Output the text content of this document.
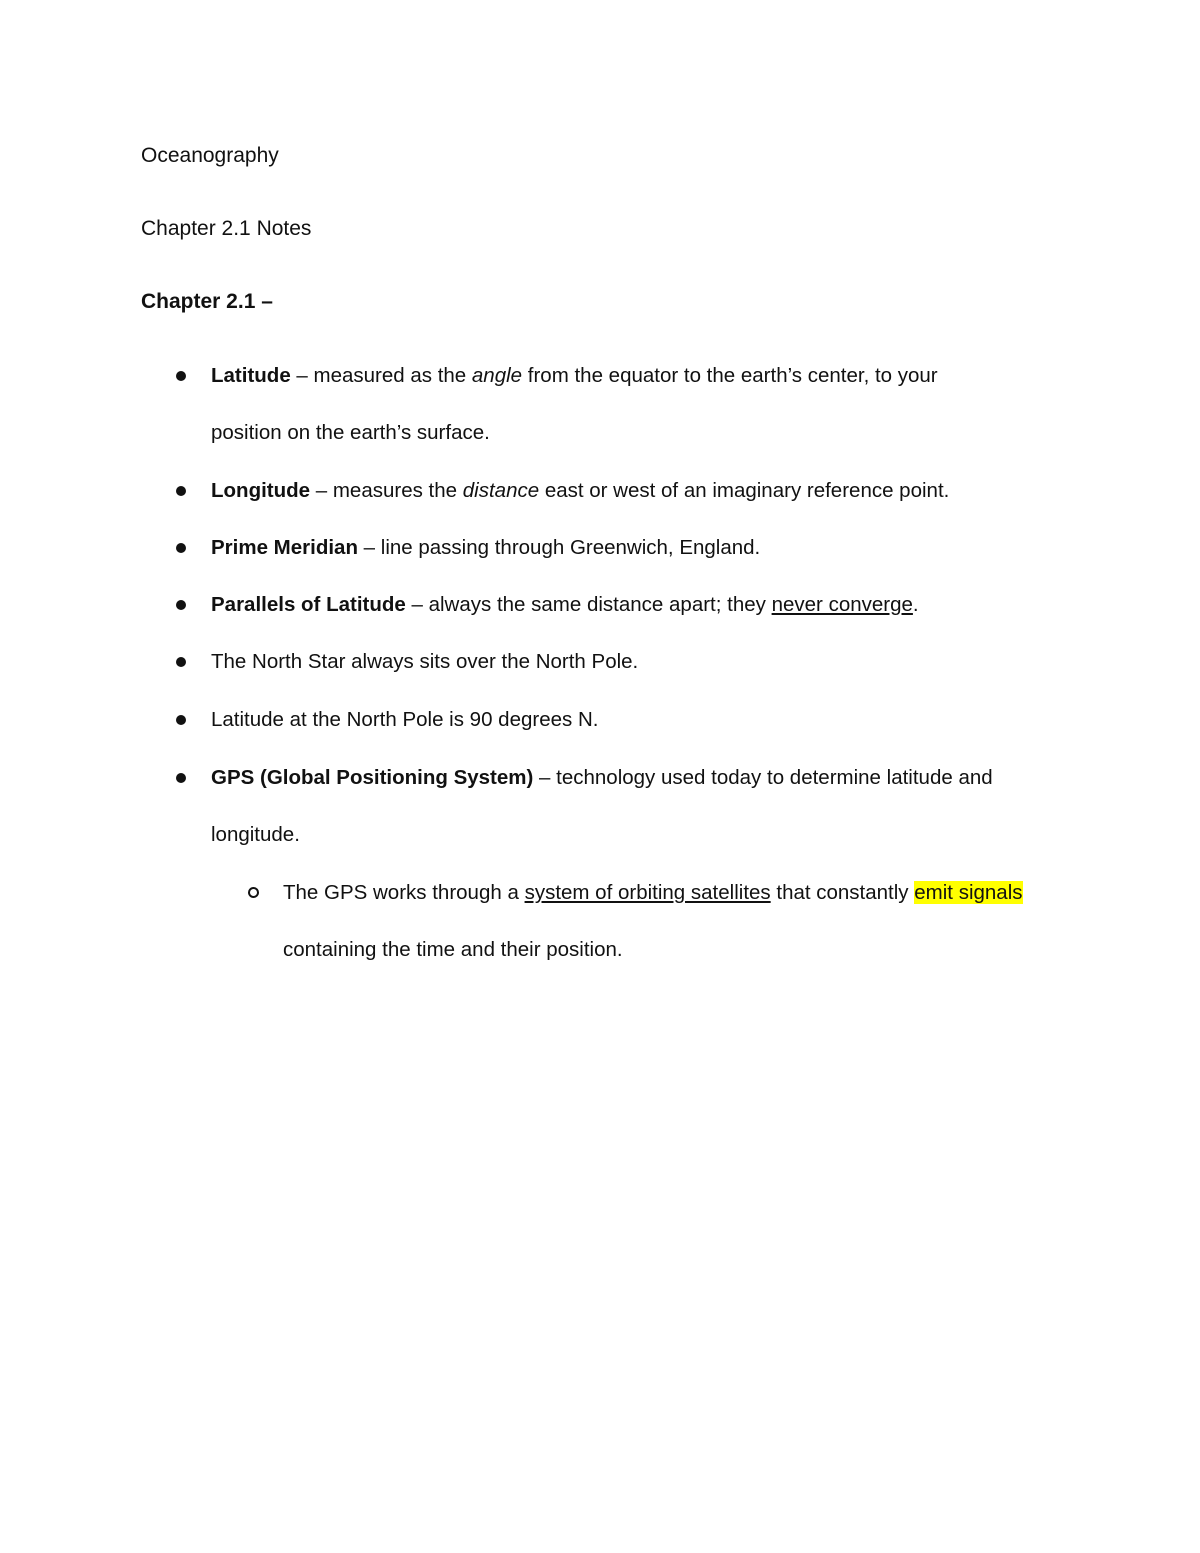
Oceanography
Chapter 2.1 Notes
Chapter 2.1 –
Latitude – measured as the angle from the equator to the earth’s center, to your
position on the earth’s surface.
Longitude – measures the distance east or west of an imaginary reference point.
Prime Meridian – line passing through Greenwich, England.
Parallels of Latitude – always the same distance apart; they never converge.
The North Star always sits over the North Pole.
Latitude at the North Pole is 90 degrees N.
GPS (Global Positioning System) – technology used today to determine latitude and
longitude.
The GPS works through a system of orbiting satellites that constantly emit signals
containing the time and their position.
